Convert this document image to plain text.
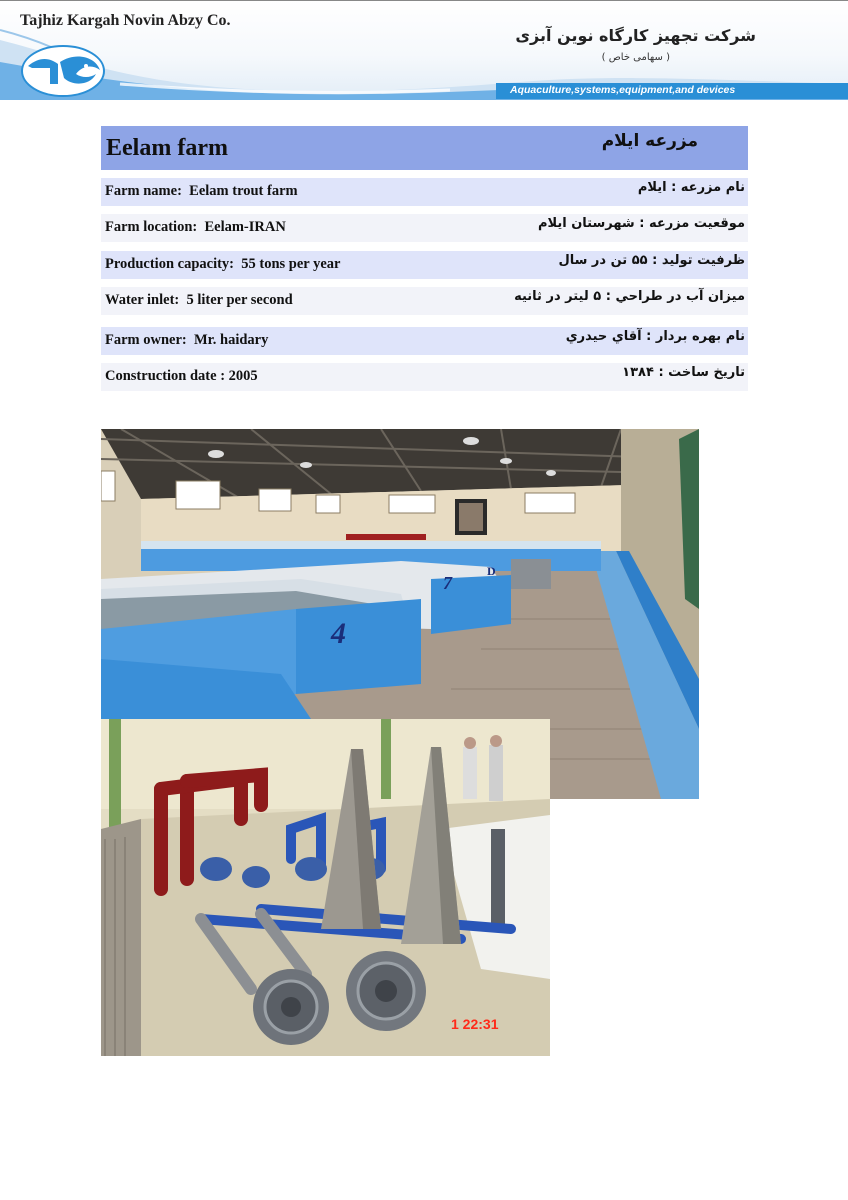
Tajhiz Kargah Novin Abzy Co.
شرکت تجهیز کارگاه نوین آبزی
( سهامی خاص )
Aquaculture,systems,equipment,and devices
Eelam farm	مزرعه ایلام
Farm name: Eelam trout farm	نام مزرعه : ايلام
Farm location: Eelam-IRAN	موقعيت مزرعه : شهرستان ايلام
Production capacity: 55 tons per year	ظرفيت توليد : ۵۵ تن در سال
Water inlet: 5 liter per second	ميزان آب در طراحي : ۵ ليتر در ثانيه
Farm owner: Mr. haidary	نام بهره بردار : آقاي حيدري
Construction date : 2005	تاريخ ساخت : ۱۳۸۴
4
7
D
1 22:31
